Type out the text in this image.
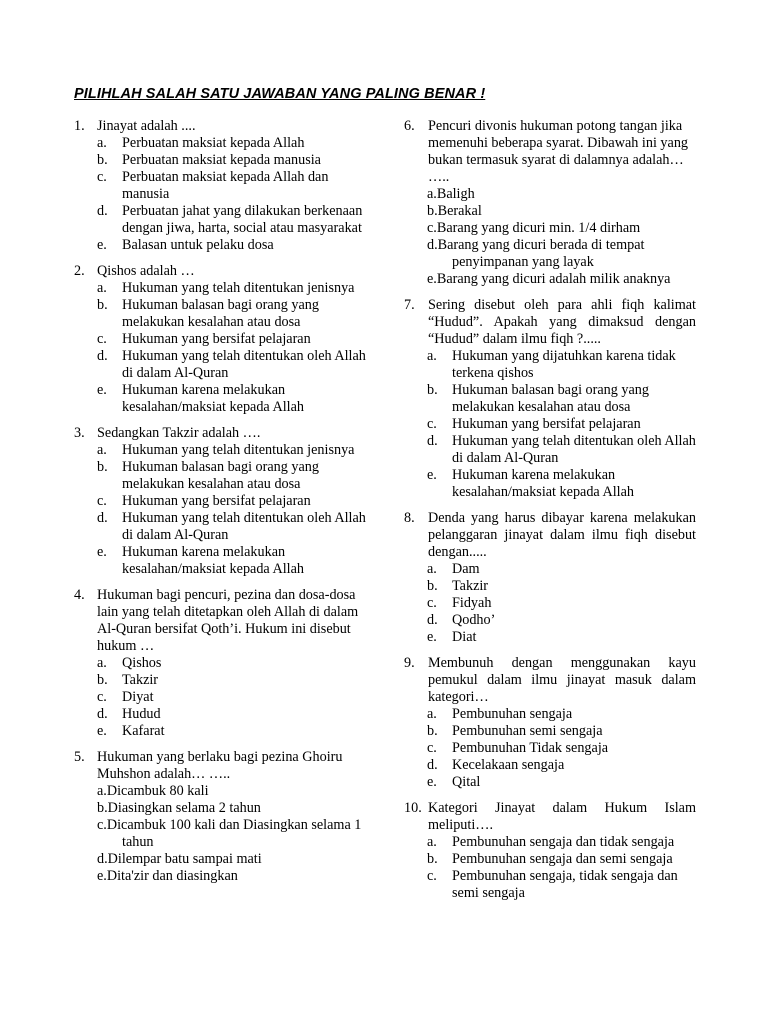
PILIHLAH SALAH SATU JAWABAN YANG PALING BENAR !
1. Jinayat adalah ....
a.	Perbuatan maksiat kepada Allah
b.	Perbuatan maksiat kepada manusia
c.	Perbuatan maksiat kepada Allah dan manusia
d.	Perbuatan jahat yang dilakukan berkenaan dengan jiwa, harta, social atau masyarakat
e.	Balasan untuk pelaku dosa
2. Qishos adalah …
a.	Hukuman yang telah ditentukan jenisnya
b.	Hukuman balasan bagi orang yang melakukan kesalahan atau dosa
c.	Hukuman yang bersifat pelajaran
d.	Hukuman yang telah ditentukan oleh Allah di dalam Al-Quran
e.	Hukuman karena melakukan kesalahan/maksiat kepada Allah
3. Sedangkan Takzir adalah ….
a.	Hukuman yang telah ditentukan jenisnya
b.	Hukuman balasan bagi orang yang melakukan kesalahan atau dosa
c.	Hukuman yang bersifat pelajaran
d.	Hukuman yang telah ditentukan oleh Allah di dalam Al-Quran
e.	Hukuman karena melakukan kesalahan/maksiat kepada Allah
4. Hukuman bagi pencuri, pezina dan dosa-dosa lain yang telah ditetapkan oleh Allah di dalam Al-Quran bersifat Qoth’i. Hukum ini disebut hukum …
a.	Qishos
b.	Takzir
c.	Diyat
d.	Hudud
e.	Kafarat
5. Hukuman yang berlaku bagi pezina Ghoiru Muhshon adalah… …..
a.Dicambuk 80 kali
b.Diasingkan selama 2 tahun
c.Dicambuk 100 kali dan Diasingkan selama 1 tahun
d.Dilempar batu sampai mati
e.Dita'zir dan diasingkan
6. Pencuri divonis hukuman potong tangan jika memenuhi beberapa syarat. Dibawah ini yang bukan termasuk syarat di dalamnya adalah… …..
a.Baligh
b.Berakal
c.Barang yang dicuri min. 1/4 dirham
d.Barang yang dicuri berada di tempat penyimpanan yang layak
e.Barang yang dicuri adalah milik anaknya
7. Sering disebut oleh para ahli fiqh kalimat “Hudud”. Apakah yang dimaksud dengan “Hudud” dalam ilmu fiqh ?.....
a.	Hukuman yang dijatuhkan karena tidak terkena qishos
b.	Hukuman balasan bagi orang yang melakukan kesalahan atau dosa
c.	Hukuman yang bersifat pelajaran
d.	Hukuman yang telah ditentukan oleh Allah di dalam Al-Quran
e.	Hukuman karena melakukan kesalahan/maksiat kepada Allah
8. Denda yang harus dibayar karena melakukan pelanggaran jinayat dalam ilmu fiqh disebut dengan.....
a.	Dam
b.	Takzir
c.	Fidyah
d.	Qodho’
e.	Diat
9. Membunuh dengan menggunakan kayu pemukul dalam ilmu jinayat masuk dalam kategori…
a.	Pembunuhan sengaja
b.	Pembunuhan semi sengaja
c.	Pembunuhan Tidak sengaja
d.	Kecelakaan sengaja
e.	Qital
10. Kategori Jinayat dalam Hukum Islam meliputi….
a.	Pembunuhan sengaja dan tidak sengaja
b.	Pembunuhan sengaja dan semi sengaja
c.	Pembunuhan sengaja, tidak sengaja dan semi sengaja
